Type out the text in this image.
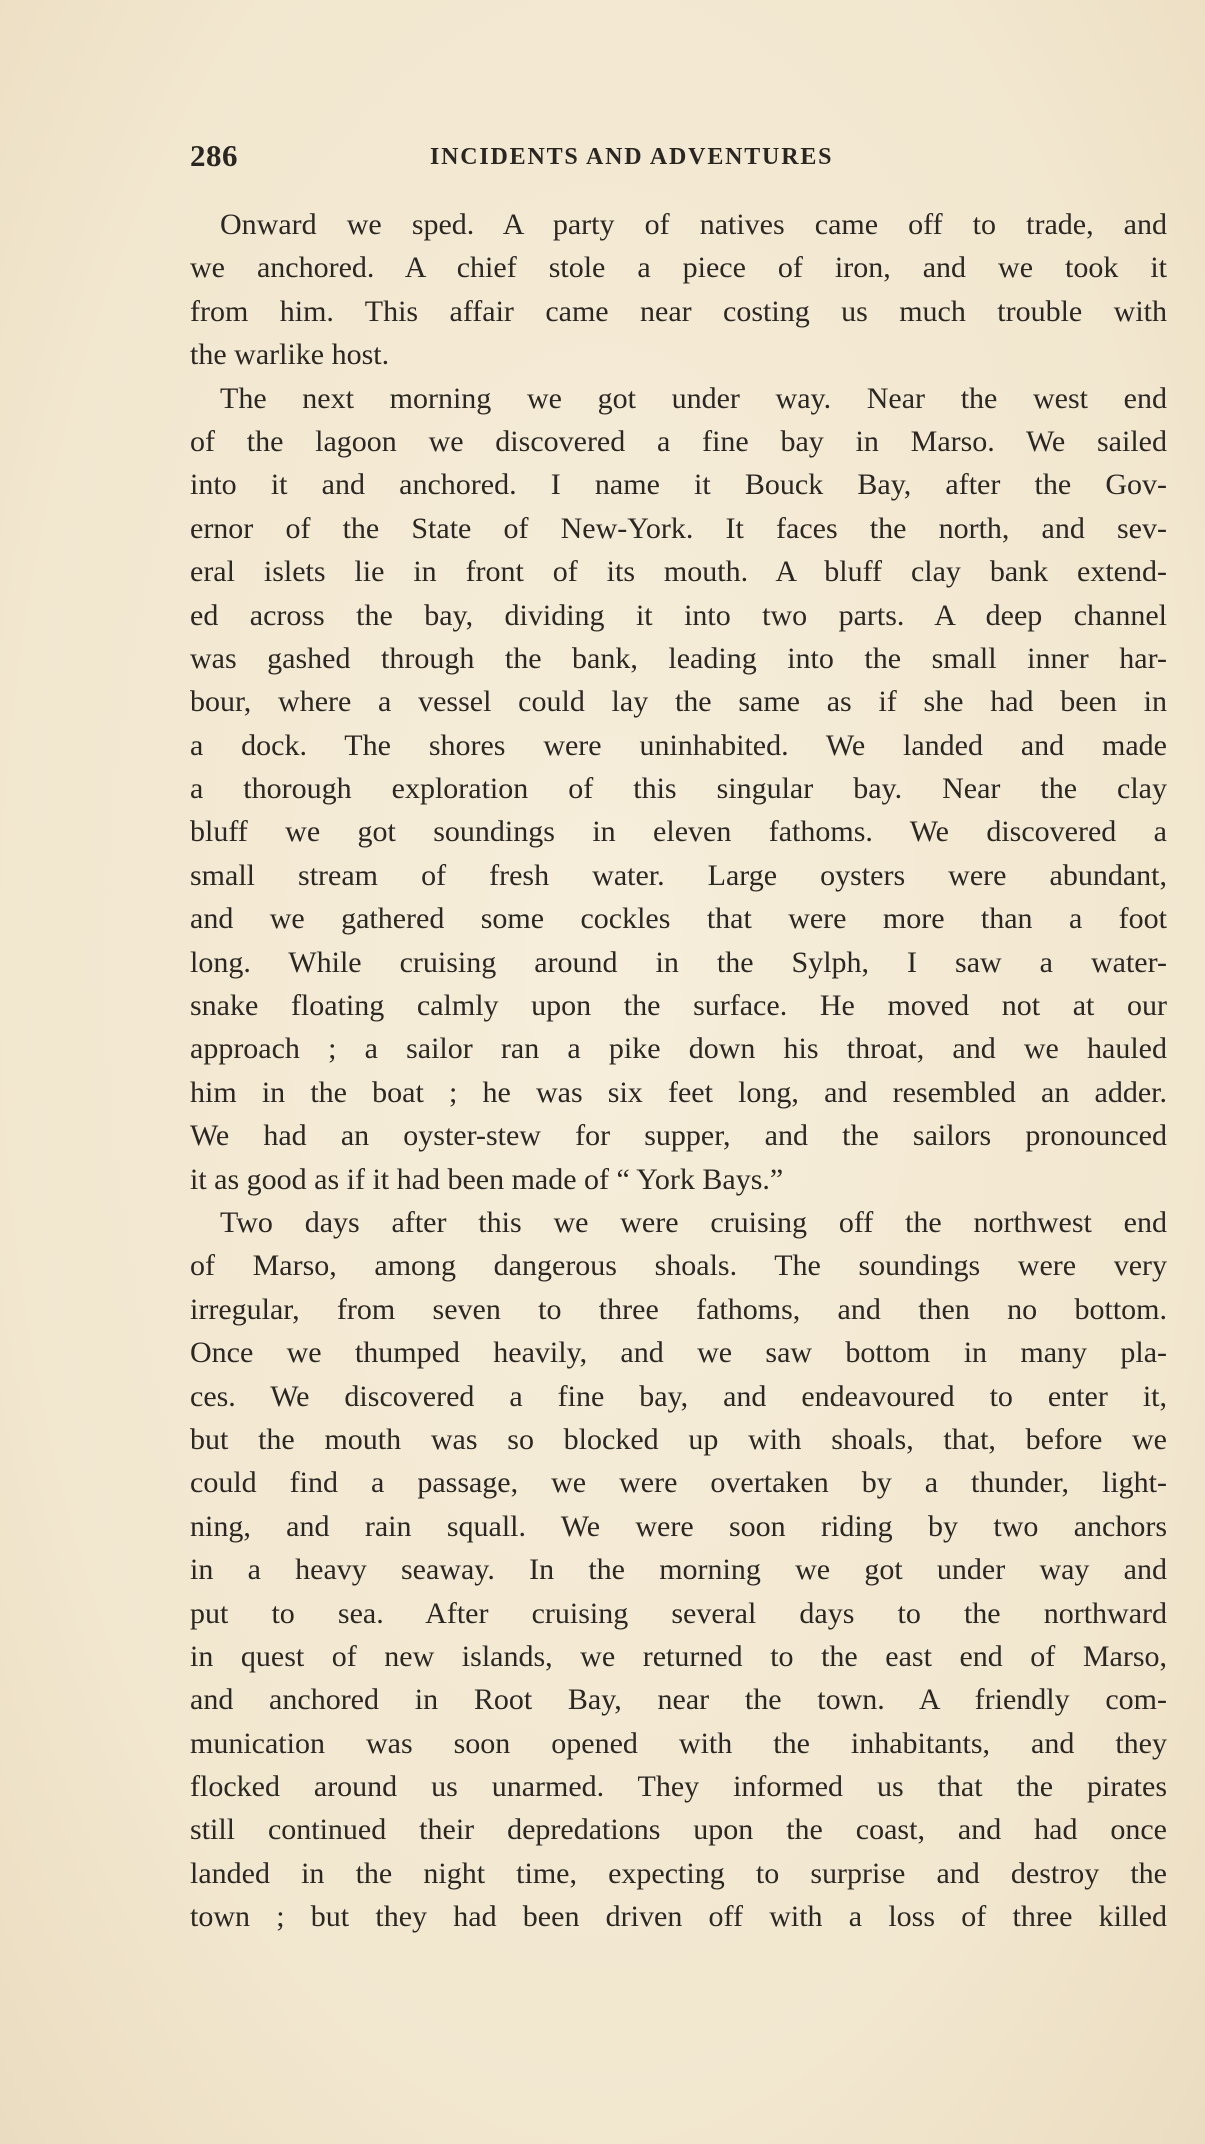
286	INCIDENTS AND ADVENTURES
Onward we sped. A party of natives came off to trade, and
we anchored. A chief stole a piece of iron, and we took it
from him. This affair came near costing us much trouble with
the warlike host.
The next morning we got under way. Near the west end
of the lagoon we discovered a fine bay in Marso. We sailed
into it and anchored. I name it Bouck Bay, after the Gov-
ernor of the State of New-York. It faces the north, and sev-
eral islets lie in front of its mouth. A bluff clay bank extend-
ed across the bay, dividing it into two parts. A deep channel
was gashed through the bank, leading into the small inner har-
bour, where a vessel could lay the same as if she had been in
a dock. The shores were uninhabited. We landed and made
a thorough exploration of this singular bay. Near the clay
bluff we got soundings in eleven fathoms. We discovered a
small stream of fresh water. Large oysters were abundant,
and we gathered some cockles that were more than a foot
long. While cruising around in the Sylph, I saw a water-
snake floating calmly upon the surface. He moved not at our
approach ; a sailor ran a pike down his throat, and we hauled
him in the boat ; he was six feet long, and resembled an adder.
We had an oyster-stew for supper, and the sailors pronounced
it as good as if it had been made of “ York Bays.”
Two days after this we were cruising off the northwest end
of Marso, among dangerous shoals. The soundings were very
irregular, from seven to three fathoms, and then no bottom.
Once we thumped heavily, and we saw bottom in many pla-
ces. We discovered a fine bay, and endeavoured to enter it,
but the mouth was so blocked up with shoals, that, before we
could find a passage, we were overtaken by a thunder, light-
ning, and rain squall. We were soon riding by two anchors
in a heavy seaway. In the morning we got under way and
put to sea. After cruising several days to the northward
in quest of new islands, we returned to the east end of Marso,
and anchored in Root Bay, near the town. A friendly com-
munication was soon opened with the inhabitants, and they
flocked around us unarmed. They informed us that the pirates
still continued their depredations upon the coast, and had once
landed in the night time, expecting to surprise and destroy the
town ; but they had been driven off with a loss of three killed
